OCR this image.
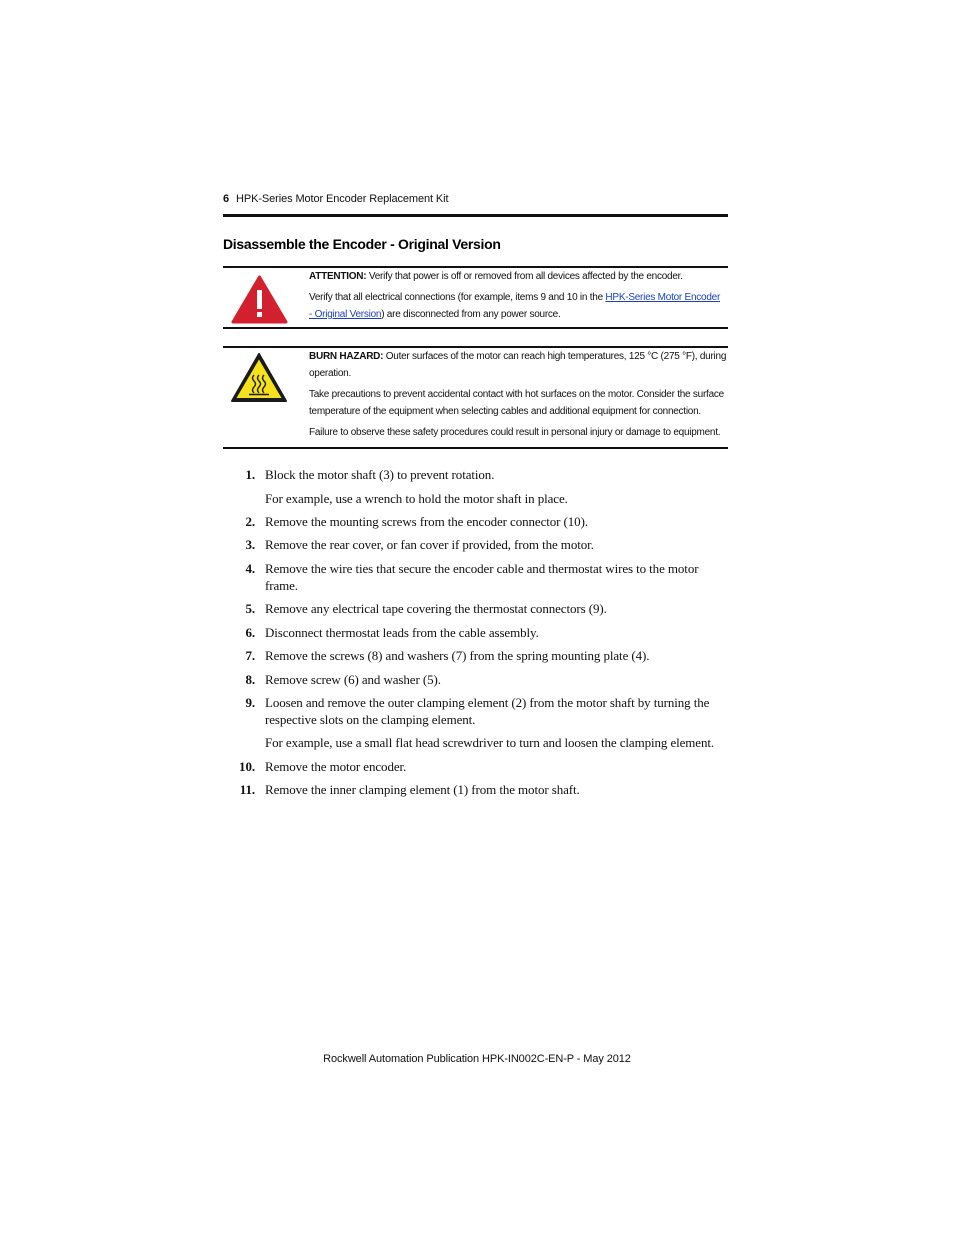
6 HPK-Series Motor Encoder Replacement Kit
Disassemble the Encoder - Original Version

ATTENTION: Verify that power is off or removed from all devices affected by the encoder.

Verify that all electrical connections (for example, items 9 and 10 in the HPK-Series Motor Encoder
- Original Version) are disconnected from any power source.

BURN HAZARD: Outer surfaces of the motor can reach high temperatures, 125 °C (275 °F), during operation.

Take precautions to prevent accidental contact with hot surfaces on the motor. Consider the surface temperature of the equipment when selecting cables and additional equipment for connection.

Failure to observe these safety procedures could result in personal injury or damage to equipment.

1. Block the motor shaft (3) to prevent rotation.

For example, use a wrench to hold the motor shaft in place.

2. Remove the mounting screws from the encoder connector (10).

3. Remove the rear cover, or fan cover if provided, from the motor.

4. Remove the wire ties that secure the encoder cable and thermostat wires to the motor frame.

5. Remove any electrical tape covering the thermostat connectors (9).

6. Disconnect thermostat leads from the cable assembly.

7. Remove the screws (8) and washers (7) from the spring mounting plate (4).

8. Remove screw (6) and washer (5).

9. Loosen and remove the outer clamping element (2) from the motor shaft by turning the respective slots on the clamping element.

For example, use a small flat head screwdriver to turn and loosen the clamping element.

10. Remove the motor encoder.

11. Remove the inner clamping element (1) from the motor shaft.

Rockwell Automation Publication HPK-IN002C-EN-P - May 2012
